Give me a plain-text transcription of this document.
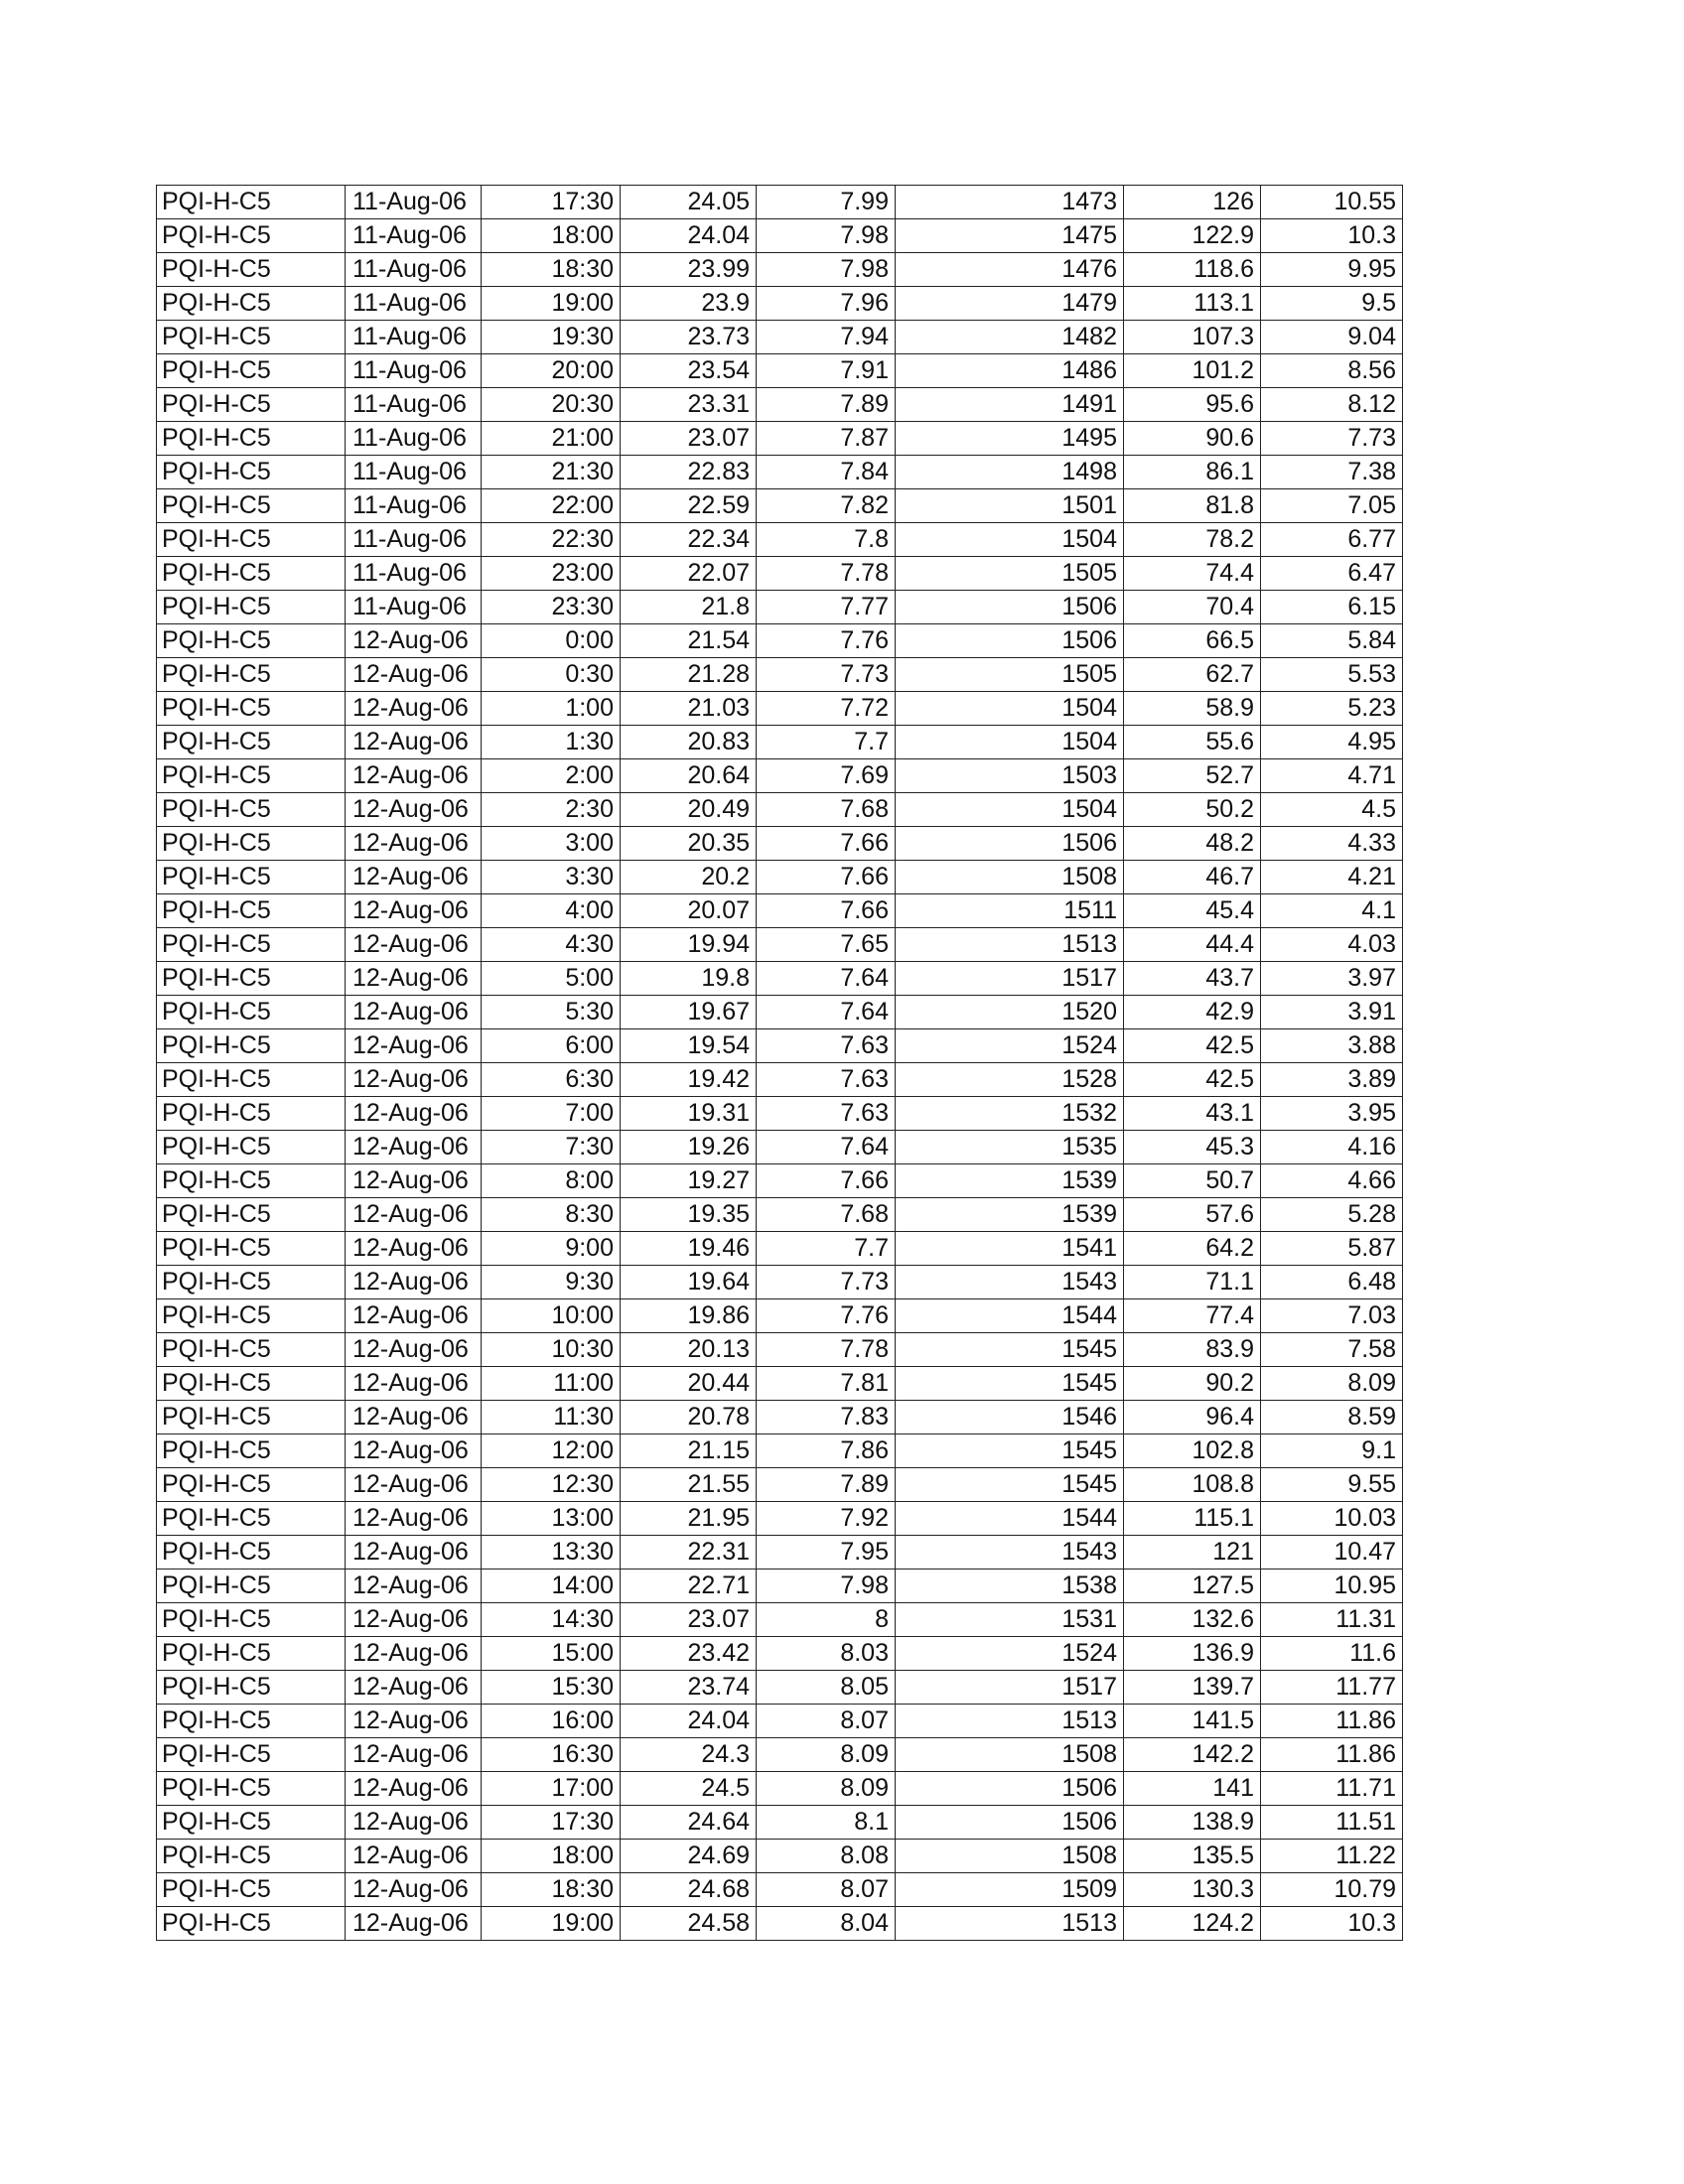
PQI-H-C5	11-Aug-06	17:30	24.05	7.99	1473	126	10.55
PQI-H-C5	11-Aug-06	18:00	24.04	7.98	1475	122.9	10.3
PQI-H-C5	11-Aug-06	18:30	23.99	7.98	1476	118.6	9.95
PQI-H-C5	11-Aug-06	19:00	23.9	7.96	1479	113.1	9.5
PQI-H-C5	11-Aug-06	19:30	23.73	7.94	1482	107.3	9.04
PQI-H-C5	11-Aug-06	20:00	23.54	7.91	1486	101.2	8.56
PQI-H-C5	11-Aug-06	20:30	23.31	7.89	1491	95.6	8.12
PQI-H-C5	11-Aug-06	21:00	23.07	7.87	1495	90.6	7.73
PQI-H-C5	11-Aug-06	21:30	22.83	7.84	1498	86.1	7.38
PQI-H-C5	11-Aug-06	22:00	22.59	7.82	1501	81.8	7.05
PQI-H-C5	11-Aug-06	22:30	22.34	7.8	1504	78.2	6.77
PQI-H-C5	11-Aug-06	23:00	22.07	7.78	1505	74.4	6.47
PQI-H-C5	11-Aug-06	23:30	21.8	7.77	1506	70.4	6.15
PQI-H-C5	12-Aug-06	0:00	21.54	7.76	1506	66.5	5.84
PQI-H-C5	12-Aug-06	0:30	21.28	7.73	1505	62.7	5.53
PQI-H-C5	12-Aug-06	1:00	21.03	7.72	1504	58.9	5.23
PQI-H-C5	12-Aug-06	1:30	20.83	7.7	1504	55.6	4.95
PQI-H-C5	12-Aug-06	2:00	20.64	7.69	1503	52.7	4.71
PQI-H-C5	12-Aug-06	2:30	20.49	7.68	1504	50.2	4.5
PQI-H-C5	12-Aug-06	3:00	20.35	7.66	1506	48.2	4.33
PQI-H-C5	12-Aug-06	3:30	20.2	7.66	1508	46.7	4.21
PQI-H-C5	12-Aug-06	4:00	20.07	7.66	1511	45.4	4.1
PQI-H-C5	12-Aug-06	4:30	19.94	7.65	1513	44.4	4.03
PQI-H-C5	12-Aug-06	5:00	19.8	7.64	1517	43.7	3.97
PQI-H-C5	12-Aug-06	5:30	19.67	7.64	1520	42.9	3.91
PQI-H-C5	12-Aug-06	6:00	19.54	7.63	1524	42.5	3.88
PQI-H-C5	12-Aug-06	6:30	19.42	7.63	1528	42.5	3.89
PQI-H-C5	12-Aug-06	7:00	19.31	7.63	1532	43.1	3.95
PQI-H-C5	12-Aug-06	7:30	19.26	7.64	1535	45.3	4.16
PQI-H-C5	12-Aug-06	8:00	19.27	7.66	1539	50.7	4.66
PQI-H-C5	12-Aug-06	8:30	19.35	7.68	1539	57.6	5.28
PQI-H-C5	12-Aug-06	9:00	19.46	7.7	1541	64.2	5.87
PQI-H-C5	12-Aug-06	9:30	19.64	7.73	1543	71.1	6.48
PQI-H-C5	12-Aug-06	10:00	19.86	7.76	1544	77.4	7.03
PQI-H-C5	12-Aug-06	10:30	20.13	7.78	1545	83.9	7.58
PQI-H-C5	12-Aug-06	11:00	20.44	7.81	1545	90.2	8.09
PQI-H-C5	12-Aug-06	11:30	20.78	7.83	1546	96.4	8.59
PQI-H-C5	12-Aug-06	12:00	21.15	7.86	1545	102.8	9.1
PQI-H-C5	12-Aug-06	12:30	21.55	7.89	1545	108.8	9.55
PQI-H-C5	12-Aug-06	13:00	21.95	7.92	1544	115.1	10.03
PQI-H-C5	12-Aug-06	13:30	22.31	7.95	1543	121	10.47
PQI-H-C5	12-Aug-06	14:00	22.71	7.98	1538	127.5	10.95
PQI-H-C5	12-Aug-06	14:30	23.07	8	1531	132.6	11.31
PQI-H-C5	12-Aug-06	15:00	23.42	8.03	1524	136.9	11.6
PQI-H-C5	12-Aug-06	15:30	23.74	8.05	1517	139.7	11.77
PQI-H-C5	12-Aug-06	16:00	24.04	8.07	1513	141.5	11.86
PQI-H-C5	12-Aug-06	16:30	24.3	8.09	1508	142.2	11.86
PQI-H-C5	12-Aug-06	17:00	24.5	8.09	1506	141	11.71
PQI-H-C5	12-Aug-06	17:30	24.64	8.1	1506	138.9	11.51
PQI-H-C5	12-Aug-06	18:00	24.69	8.08	1508	135.5	11.22
PQI-H-C5	12-Aug-06	18:30	24.68	8.07	1509	130.3	10.79
PQI-H-C5	12-Aug-06	19:00	24.58	8.04	1513	124.2	10.3
